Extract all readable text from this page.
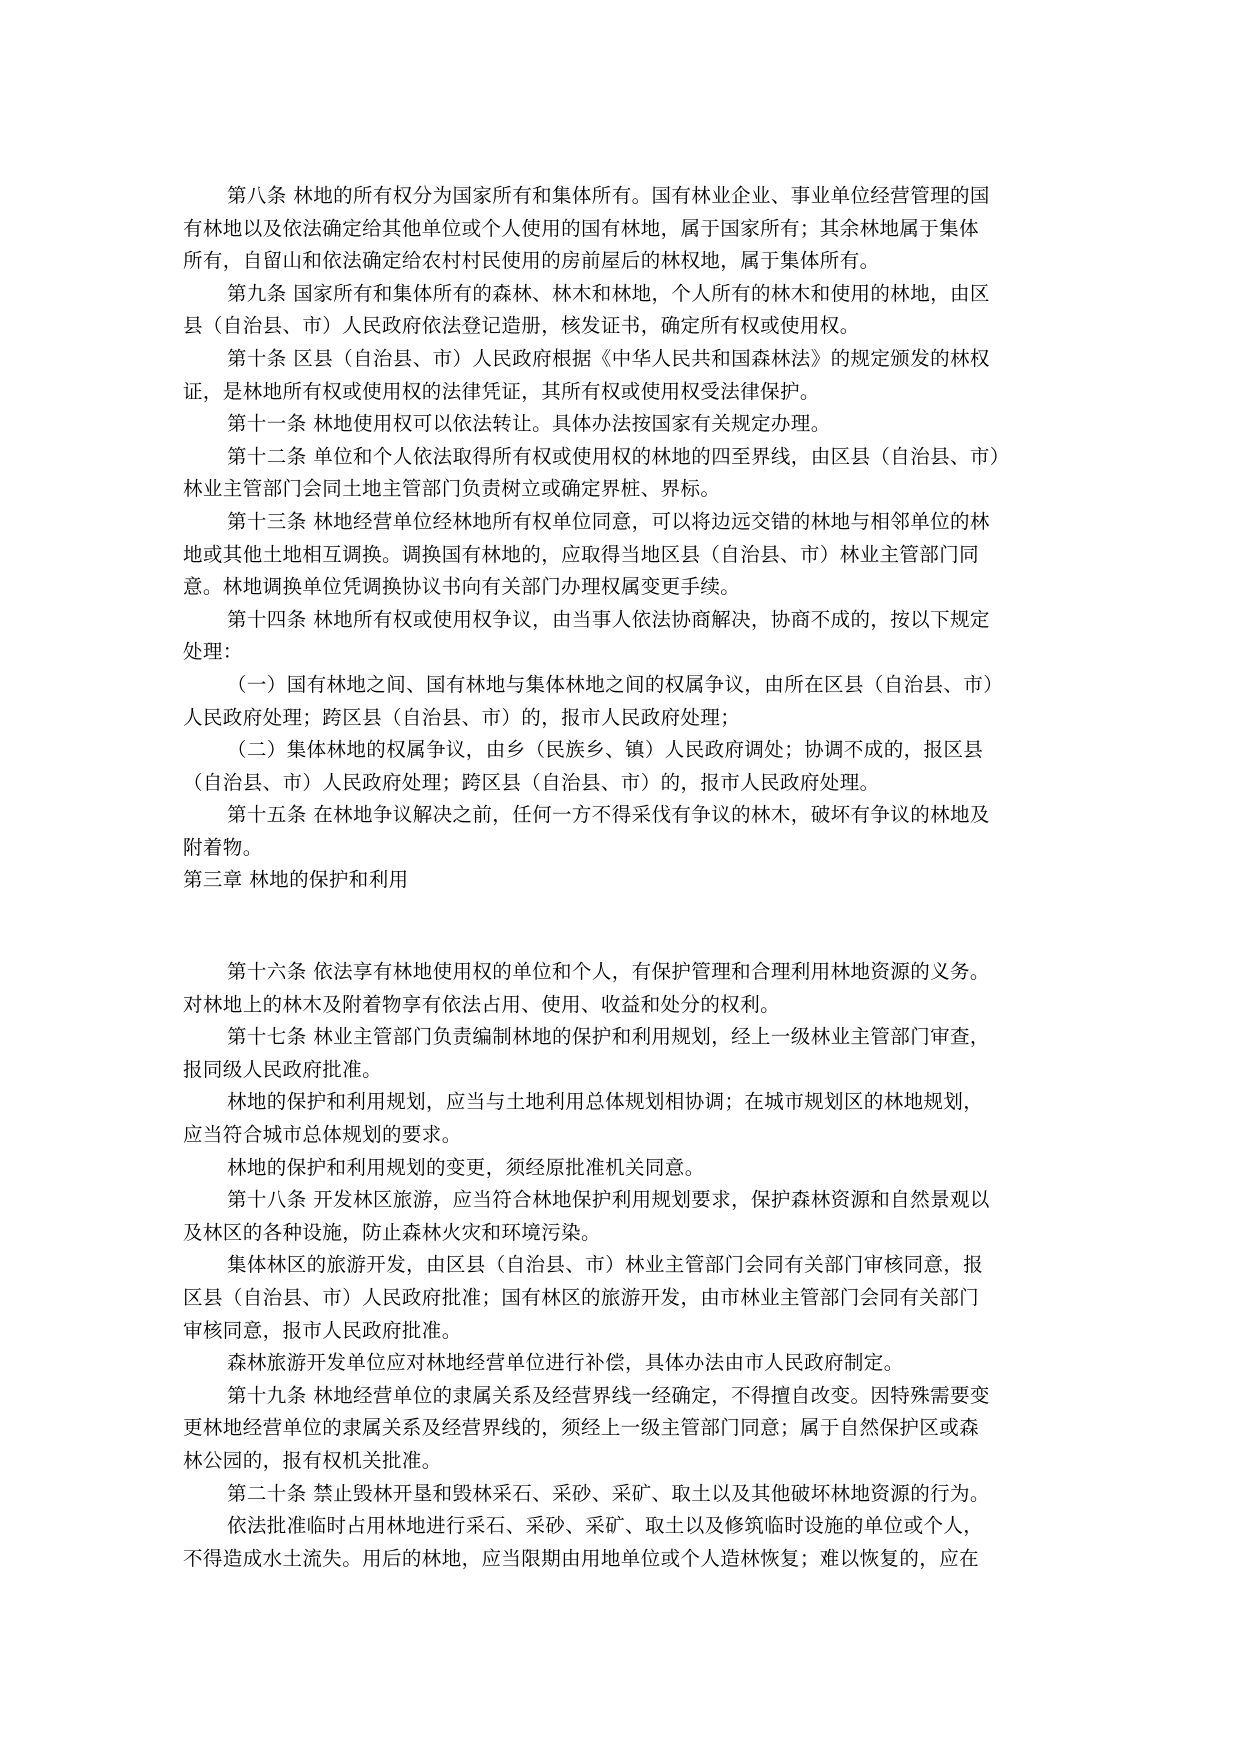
第八条 林地的所有权分为国家所有和集体所有。国有林业企业、事业单位经营管理的国

有林地以及依法确定给其他单位或个人使用的国有林地，属于国家所有；其余林地属于集体

所有，自留山和依法确定给农村村民使用的房前屋后的林权地，属于集体所有。

第九条 国家所有和集体所有的森林、林木和林地，个人所有的林木和使用的林地，由区

县（自治县、市）人民政府依法登记造册，核发证书，确定所有权或使用权。

第十条 区县（自治县、市）人民政府根据《中华人民共和国森林法》的规定颁发的林权

证，是林地所有权或使用权的法律凭证，其所有权或使用权受法律保护。

第十一条 林地使用权可以依法转让。具体办法按国家有关规定办理。

第十二条 单位和个人依法取得所有权或使用权的林地的四至界线，由区县（自治县、市）

林业主管部门会同土地主管部门负责树立或确定界桩、界标。

第十三条 林地经营单位经林地所有权单位同意，可以将边远交错的林地与相邻单位的林

地或其他土地相互调换。调换国有林地的，应取得当地区县（自治县、市）林业主管部门同

意。林地调换单位凭调换协议书向有关部门办理权属变更手续。

第十四条 林地所有权或使用权争议，由当事人依法协商解决，协商不成的，按以下规定

处理：

（一）国有林地之间、国有林地与集体林地之间的权属争议，由所在区县（自治县、市）

人民政府处理；跨区县（自治县、市）的，报市人民政府处理；

（二）集体林地的权属争议，由乡（民族乡、镇）人民政府调处；协调不成的，报区县

（自治县、市）人民政府处理；跨区县（自治县、市）的，报市人民政府处理。

第十五条 在林地争议解决之前，任何一方不得采伐有争议的林木，破坏有争议的林地及

附着物。

第三章 林地的保护和利用

第十六条 依法享有林地使用权的单位和个人，有保护管理和合理利用林地资源的义务。

对林地上的林木及附着物享有依法占用、使用、收益和处分的权利。

第十七条 林业主管部门负责编制林地的保护和利用规划，经上一级林业主管部门审查，

报同级人民政府批准。

林地的保护和利用规划，应当与土地利用总体规划相协调；在城市规划区的林地规划，

应当符合城市总体规划的要求。

林地的保护和利用规划的变更，须经原批准机关同意。

第十八条 开发林区旅游，应当符合林地保护利用规划要求，保护森林资源和自然景观以

及林区的各种设施，防止森林火灾和环境污染。

集体林区的旅游开发，由区县（自治县、市）林业主管部门会同有关部门审核同意，报

区县（自治县、市）人民政府批准；国有林区的旅游开发，由市林业主管部门会同有关部门

审核同意，报市人民政府批准。

森林旅游开发单位应对林地经营单位进行补偿，具体办法由市人民政府制定。

第十九条 林地经营单位的隶属关系及经营界线一经确定，不得擅自改变。因特殊需要变

更林地经营单位的隶属关系及经营界线的，须经上一级主管部门同意；属于自然保护区或森

林公园的，报有权机关批准。

第二十条 禁止毁林开垦和毁林采石、采砂、采矿、取土以及其他破坏林地资源的行为。

依法批准临时占用林地进行采石、采砂、采矿、取土以及修筑临时设施的单位或个人，

不得造成水土流失。用后的林地，应当限期由用地单位或个人造林恢复；难以恢复的，应在
